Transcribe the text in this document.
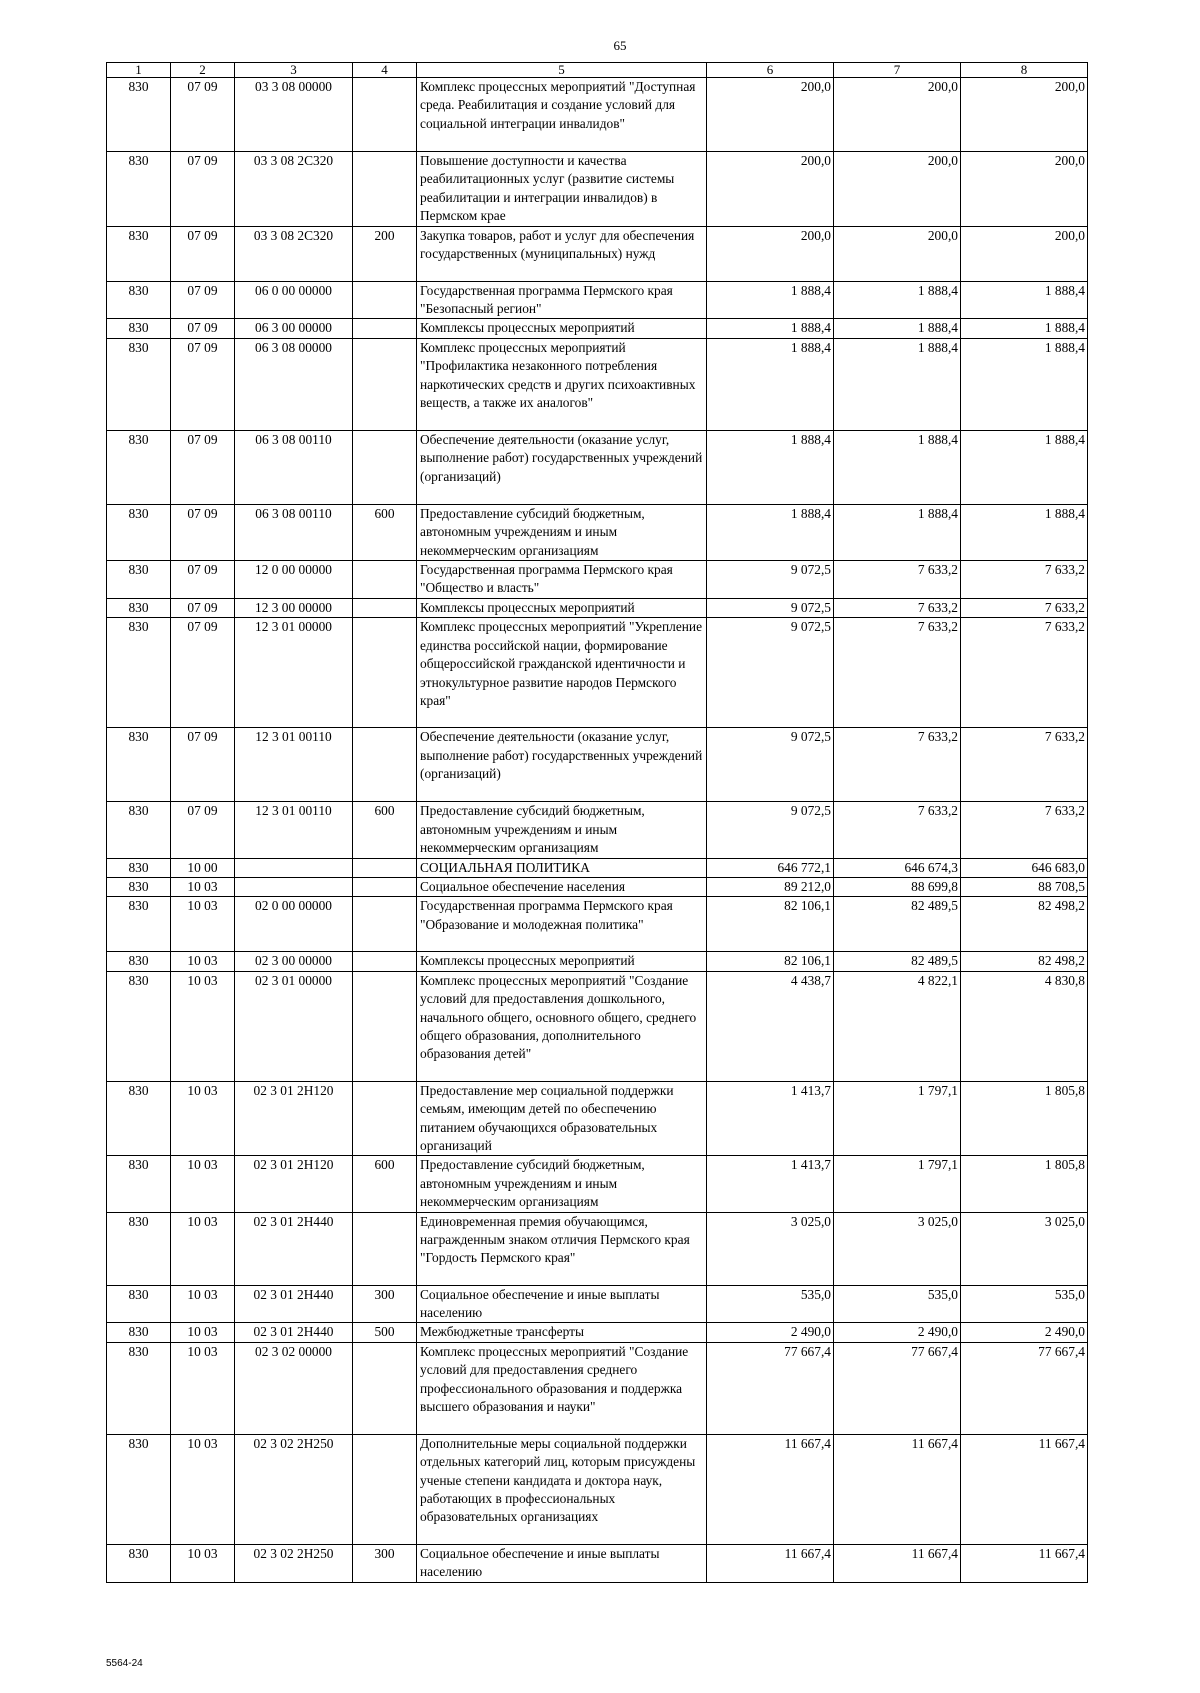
65
1	2	3	4	5	6	7	8
830	07 09	03 3 08 00000		Комплекс процессных мероприятий "Доступная среда. Реабилитация и создание условий для социальной интеграции инвалидов"	200,0	200,0	200,0
830	07 09	03 3 08 2С320		Повышение доступности и качества реабилитационных услуг (развитие системы реабилитации и интеграции инвалидов) в Пермском крае	200,0	200,0	200,0
830	07 09	03 3 08 2С320	200	Закупка товаров, работ и услуг для обеспечения государственных (муниципальных) нужд	200,0	200,0	200,0
830	07 09	06 0 00 00000		Государственная программа Пермского края "Безопасный регион"	1 888,4	1 888,4	1 888,4
830	07 09	06 3 00 00000		Комплексы процессных мероприятий	1 888,4	1 888,4	1 888,4
830	07 09	06 3 08 00000		Комплекс процессных мероприятий "Профилактика незаконного потребления наркотических средств и других психоактивных веществ, а также их аналогов"	1 888,4	1 888,4	1 888,4
830	07 09	06 3 08 00110		Обеспечение деятельности (оказание услуг, выполнение работ) государственных учреждений (организаций)	1 888,4	1 888,4	1 888,4
830	07 09	06 3 08 00110	600	Предоставление субсидий бюджетным, автономным учреждениям и иным некоммерческим организациям	1 888,4	1 888,4	1 888,4
830	07 09	12 0 00 00000		Государственная программа Пермского края "Общество и власть"	9 072,5	7 633,2	7 633,2
830	07 09	12 3 00 00000		Комплексы процессных мероприятий	9 072,5	7 633,2	7 633,2
830	07 09	12 3 01 00000		Комплекс процессных мероприятий "Укрепление единства российской нации, формирование общероссийской гражданской идентичности и этнокультурное развитие народов Пермского края"	9 072,5	7 633,2	7 633,2
830	07 09	12 3 01 00110		Обеспечение деятельности (оказание услуг, выполнение работ) государственных учреждений (организаций)	9 072,5	7 633,2	7 633,2
830	07 09	12 3 01 00110	600	Предоставление субсидий бюджетным, автономным учреждениям и иным некоммерческим организациям	9 072,5	7 633,2	7 633,2
830	10 00			СОЦИАЛЬНАЯ ПОЛИТИКА	646 772,1	646 674,3	646 683,0
830	10 03			Социальное обеспечение населения	89 212,0	88 699,8	88 708,5
830	10 03	02 0 00 00000		Государственная программа Пермского края "Образование и молодежная политика"	82 106,1	82 489,5	82 498,2
830	10 03	02 3 00 00000		Комплексы процессных мероприятий	82 106,1	82 489,5	82 498,2
830	10 03	02 3 01 00000		Комплекс процессных мероприятий "Создание условий для предоставления дошкольного, начального общего, основного общего, среднего общего образования, дополнительного образования детей"	4 438,7	4 822,1	4 830,8
830	10 03	02 3 01 2Н120		Предоставление мер социальной поддержки семьям, имеющим детей по обеспечению питанием обучающихся образовательных организаций	1 413,7	1 797,1	1 805,8
830	10 03	02 3 01 2Н120	600	Предоставление субсидий бюджетным, автономным учреждениям и иным некоммерческим организациям	1 413,7	1 797,1	1 805,8
830	10 03	02 3 01 2Н440		Единовременная премия обучающимся, награжденным знаком отличия Пермского края "Гордость Пермского края"	3 025,0	3 025,0	3 025,0
830	10 03	02 3 01 2Н440	300	Социальное обеспечение и иные выплаты населению	535,0	535,0	535,0
830	10 03	02 3 01 2Н440	500	Межбюджетные трансферты	2 490,0	2 490,0	2 490,0
830	10 03	02 3 02 00000		Комплекс процессных мероприятий "Создание условий для предоставления среднего профессионального образования и поддержка высшего образования и науки"	77 667,4	77 667,4	77 667,4
830	10 03	02 3 02 2Н250		Дополнительные меры социальной поддержки отдельных категорий лиц, которым присуждены ученые степени кандидата и доктора наук, работающих в профессиональных образовательных организациях	11 667,4	11 667,4	11 667,4
830	10 03	02 3 02 2Н250	300	Социальное обеспечение и иные выплаты населению	11 667,4	11 667,4	11 667,4
5564-24
